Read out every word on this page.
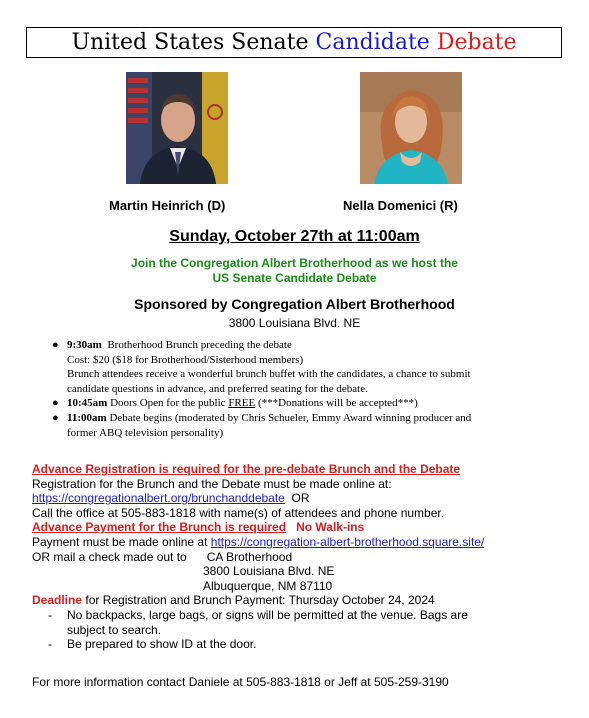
United States Senate Candidate Debate
Martin Heinrich (D)	Nella Domenici (R)
Sunday, October 27th at 11:00am
Join the Congregation Albert Brotherhood as we host the
US Senate Candidate Debate
Sponsored by Congregation Albert Brotherhood
3800 Louisiana Blvd. NE
● 9:30am Brotherhood Brunch preceding the debate
Cost: $20 ($18 for Brotherhood/Sisterhood members)
Brunch attendees receive a wonderful brunch buffet with the candidates, a chance to submit
candidate questions in advance, and preferred seating for the debate.
● 10:45am Doors Open for the public FREE (***Donations will be accepted***)
● 11:00am Debate begins (moderated by Chris Schueler, Emmy Award winning producer and
former ABQ television personality)
Advance Registration is required for the pre-debate Brunch and the Debate
Registration for the Brunch and the Debate must be made online at:
https://congregationalbert.org/brunchanddebate OR
Call the office at 505-883-1818 with name(s) of attendees and phone number.
Advance Payment for the Brunch is required No Walk-ins
Payment must be made online at https://congregation-albert-brotherhood.square.site/
OR mail a check made out to CA Brotherhood
3800 Louisiana Blvd. NE
Albuquerque, NM 87110
Deadline for Registration and Brunch Payment: Thursday October 24, 2024
- No backpacks, large bags, or signs will be permitted at the venue. Bags are
subject to search.
- Be prepared to show ID at the door.
For more information contact Daniele at 505-883-1818 or Jeff at 505-259-3190
